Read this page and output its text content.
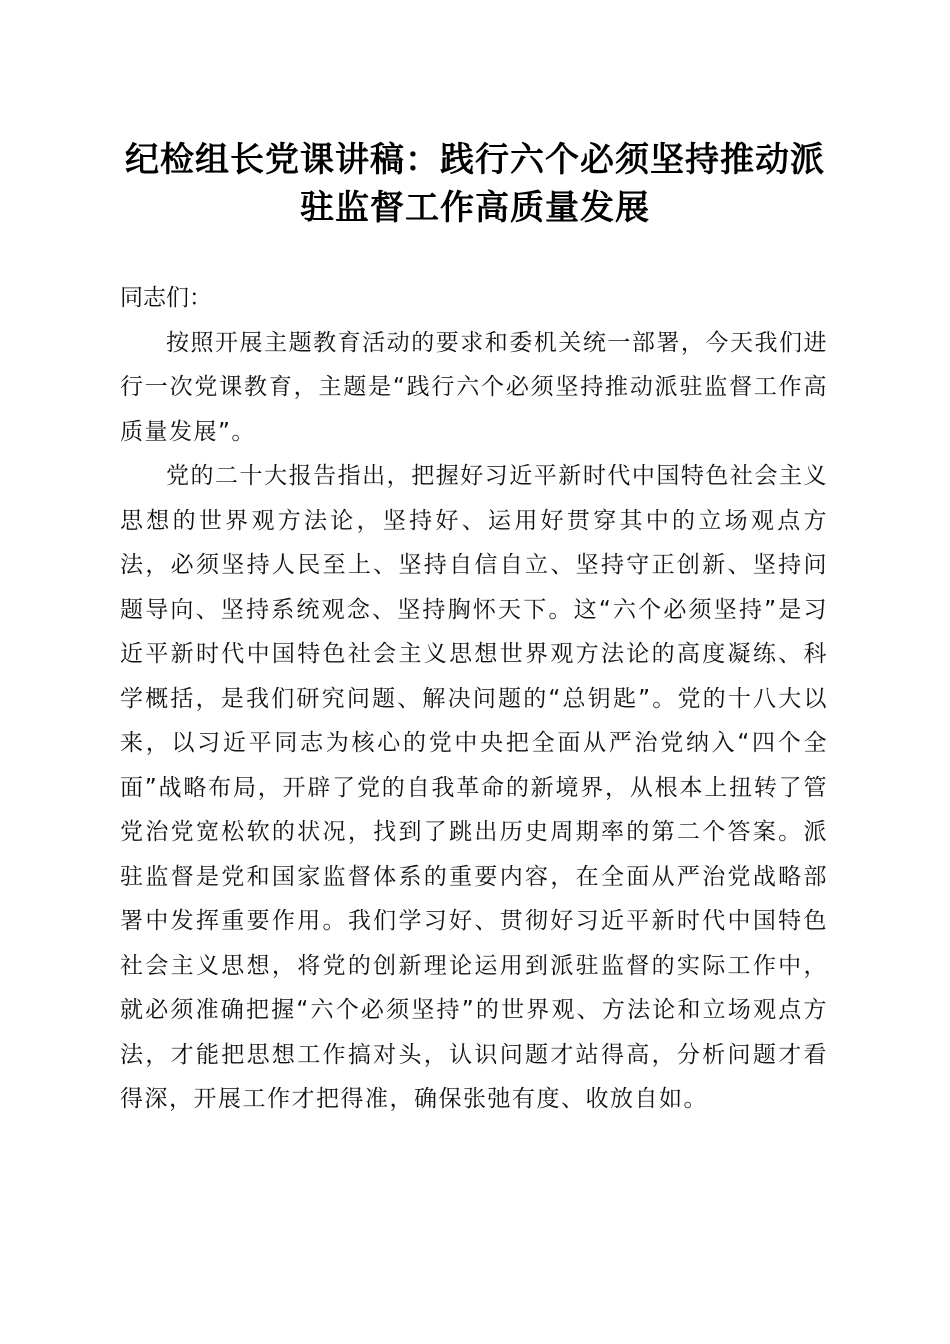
纪检组长党课讲稿：践行六个必须坚持推动派
驻监督工作高质量发展

同志们：

按照开展主题教育活动的要求和委机关统一部署，今天我们进行一次党课教育，主题是“践行六个必须坚持推动派驻监督工作高质量发展”。

党的二十大报告指出，把握好习近平新时代中国特色社会主义思想的世界观方法论，坚持好、运用好贯穿其中的立场观点方法，必须坚持人民至上、坚持自信自立、坚持守正创新、坚持问题导向、坚持系统观念、坚持胸怀天下。这“六个必须坚持”是习近平新时代中国特色社会主义思想世界观方法论的高度凝练、科学概括，是我们研究问题、解决问题的“总钥匙”。党的十八大以来，以习近平同志为核心的党中央把全面从严治党纳入“四个全面”战略布局，开辟了党的自我革命的新境界，从根本上扭转了管党治党宽松软的状况，找到了跳出历史周期率的第二个答案。派驻监督是党和国家监督体系的重要内容，在全面从严治党战略部署中发挥重要作用。我们学习好、贯彻好习近平新时代中国特色社会主义思想，将党的创新理论运用到派驻监督的实际工作中，就必须准确把握“六个必须坚持”的世界观、方法论和立场观点方法，才能把思想工作搞对头，认识问题才站得高，分析问题才看得深，开展工作才把得准，确保张弛有度、收放自如。
